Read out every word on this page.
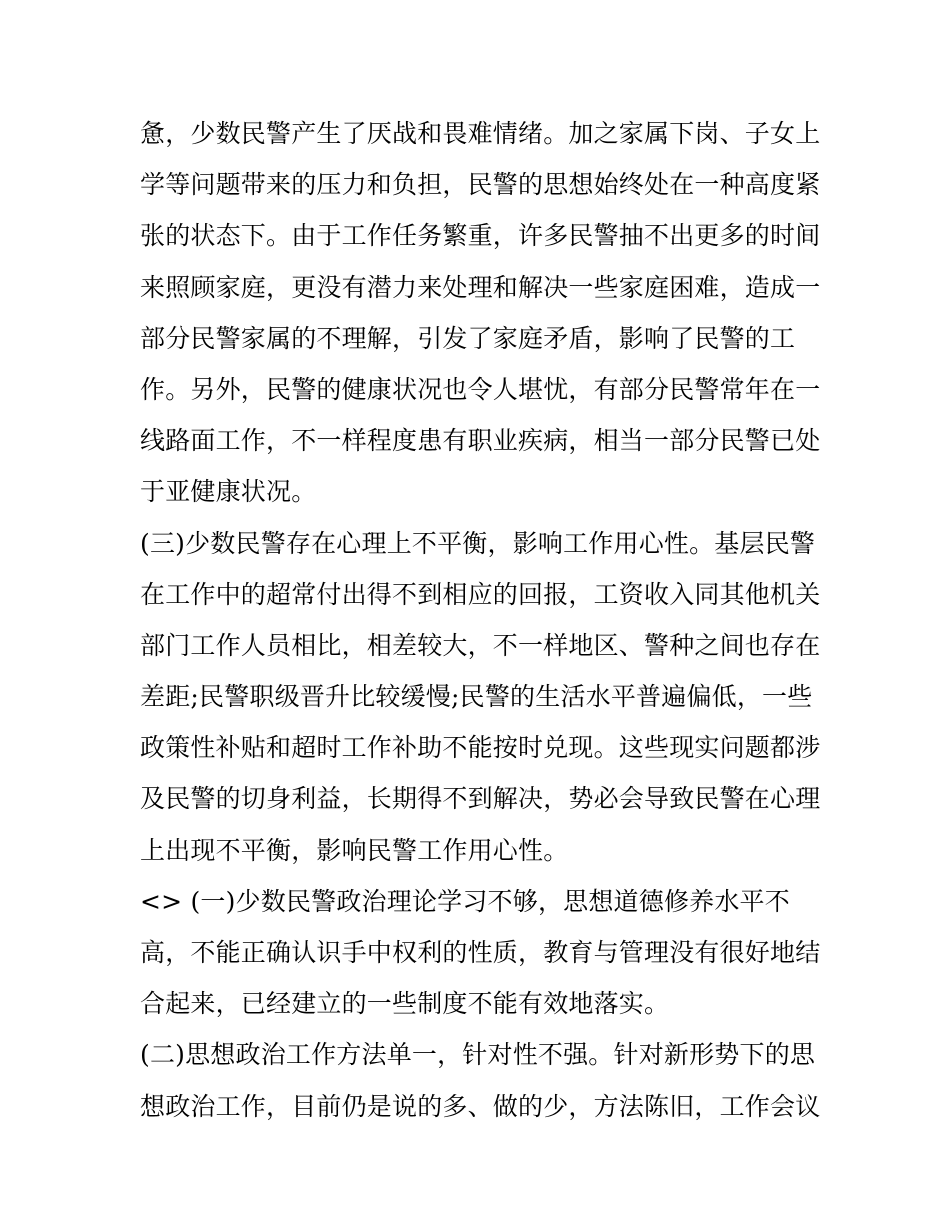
惫，少数民警产生了厌战和畏难情绪。加之家属下岗、子女上
学等问题带来的压力和负担，民警的思想始终处在一种高度紧
张的状态下。由于工作任务繁重，许多民警抽不出更多的时间
来照顾家庭，更没有潜力来处理和解决一些家庭困难，造成一
部分民警家属的不理解，引发了家庭矛盾，影响了民警的工
作。另外，民警的健康状况也令人堪忧，有部分民警常年在一
线路面工作，不一样程度患有职业疾病，相当一部分民警已处
于亚健康状况。
(三)少数民警存在心理上不平衡，影响工作用心性。基层民警
在工作中的超常付出得不到相应的回报，工资收入同其他机关
部门工作人员相比，相差较大，不一样地区、警种之间也存在
差距;民警职级晋升比较缓慢;民警的生活水平普遍偏低，一些
政策性补贴和超时工作补助不能按时兑现。这些现实问题都涉
及民警的切身利益，长期得不到解决，势必会导致民警在心理
上出现不平衡，影响民警工作用心性。
<> (一)少数民警政治理论学习不够，思想道德修养水平不
高，不能正确认识手中权利的性质，教育与管理没有很好地结
合起来，已经建立的一些制度不能有效地落实。
(二)思想政治工作方法单一，针对性不强。针对新形势下的思
想政治工作，目前仍是说的多、做的少，方法陈旧，工作会议
